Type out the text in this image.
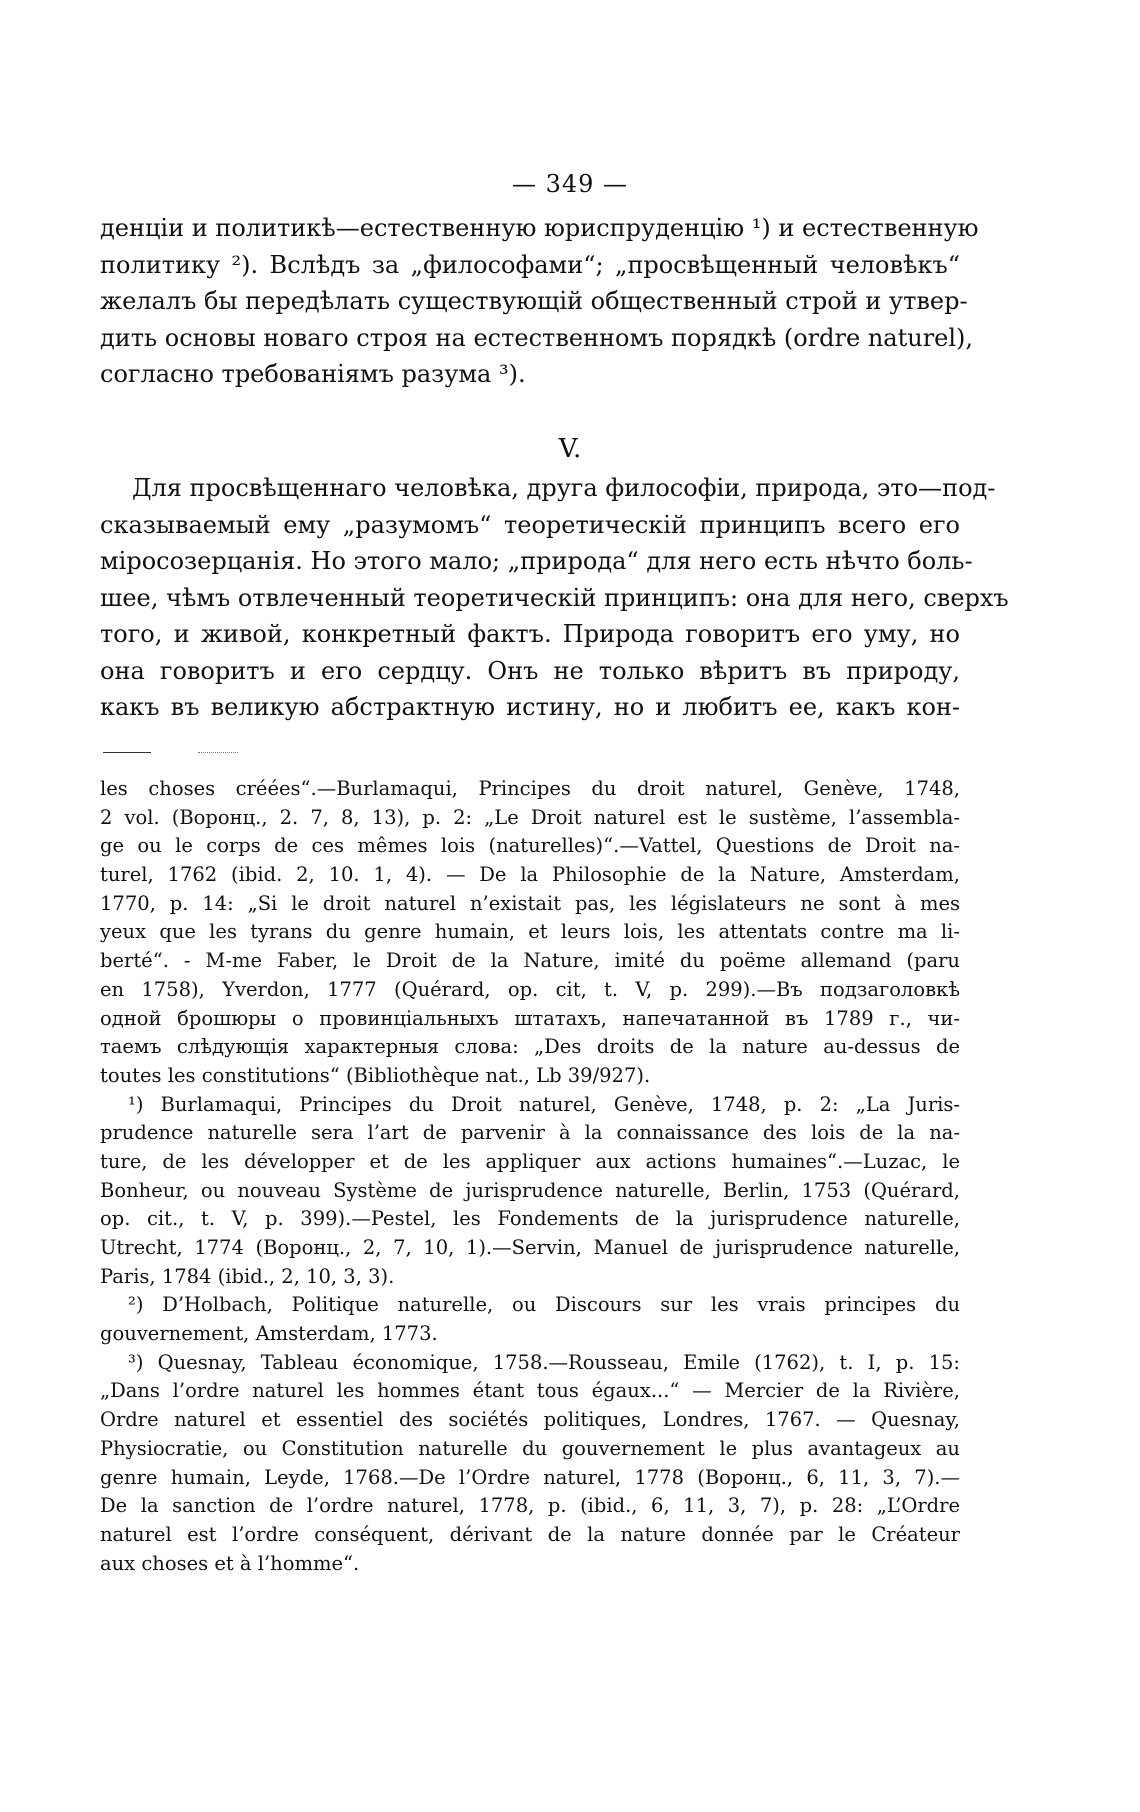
— 349 —
денціи и политикѣ—естественную юриспруденцію ¹) и естественную
политику ²). Вслѣдъ за „философами“; „просвѣщенный человѣкъ“
желалъ бы передѣлать существующій общественный строй и утвер-
дить основы новаго строя на естественномъ порядкѣ (ordre naturel),
согласно требованіямъ разума ³).
V.
Для просвѣщеннаго человѣка, друга философіи, природа, это—под-
сказываемый ему „разумомъ“ теоретическій принципъ всего его
міросозерцанія. Но этого мало; „природа“ для него есть нѣчто боль-
шее, чѣмъ отвлеченный теоретическій принципъ: она для него, сверхъ
того, и живой, конкретный фактъ. Природа говоритъ его уму, но
она говоритъ и его сердцу. Онъ не только вѣритъ въ природу,
какъ въ великую абстрактную истину, но и любитъ ее, какъ кон-
les choses créées“.—Burlamaqui, Principes du droit naturel, Genève, 1748,
2 vol. (Воронц., 2. 7, 8, 13), p. 2: „Le Droit naturel est le sustème, l’assembla-
ge ou le corps de ces mêmes lois (naturelles)“.—Vattel, Questions de Droit na-
turel, 1762 (ibid. 2, 10. 1, 4). — De la Philosophie de la Nature, Amsterdam,
1770, p. 14: „Si le droit naturel n’existait pas, les législateurs ne sont à mes
yeux que les tyrans du genre humain, et leurs lois, les attentats contre ma li-
berté“. - M-me Faber, le Droit de la Nature, imité du poëme allemand (paru
en 1758), Yverdon, 1777 (Quérard, op. cit, t. V, p. 299).—Въ подзаголовкѣ
одной брошюры о провинціальныхъ штатахъ, напечатанной въ 1789 г., чи-
таемъ слѣдующія характерныя слова: „Des droits de la nature au-dessus de
toutes les constitutions“ (Bibliothèque nat., Lb 39/927).
¹) Burlamaqui, Principes du Droit naturel, Genève, 1748, p. 2: „La Juris-
prudence naturelle sera l’art de parvenir à la connaissance des lois de la na-
ture, de les développer et de les appliquer aux actions humaines“.—Luzac, le
Bonheur, ou nouveau Système de jurisprudence naturelle, Berlin, 1753 (Quérard,
op. cit., t. V, p. 399).—Pestel, les Fondements de la jurisprudence naturelle,
Utrecht, 1774 (Воронц., 2, 7, 10, 1).—Servin, Manuel de jurisprudence naturelle,
Paris, 1784 (ibid., 2, 10, 3, 3).
²) D’Holbach, Politique naturelle, ou Discours sur les vrais principes du
gouvernement, Amsterdam, 1773.
³) Quesnay, Tableau économique, 1758.—Rousseau, Emile (1762), t. I, p. 15:
„Dans l’ordre naturel les hommes étant tous égaux...“ — Mercier de la Rivière,
Ordre naturel et essentiel des sociétés politiques, Londres, 1767. — Quesnay,
Physiocratie, ou Constitution naturelle du gouvernement le plus avantageux au
genre humain, Leyde, 1768.—De l’Ordre naturel, 1778 (Воронц., 6, 11, 3, 7).—
De la sanction de l’ordre naturel, 1778, p. (ibid., 6, 11, 3, 7), p. 28: „L’Ordre
naturel est l’ordre conséquent, dérivant de la nature donnée par le Créateur
aux choses et à l’homme“.
